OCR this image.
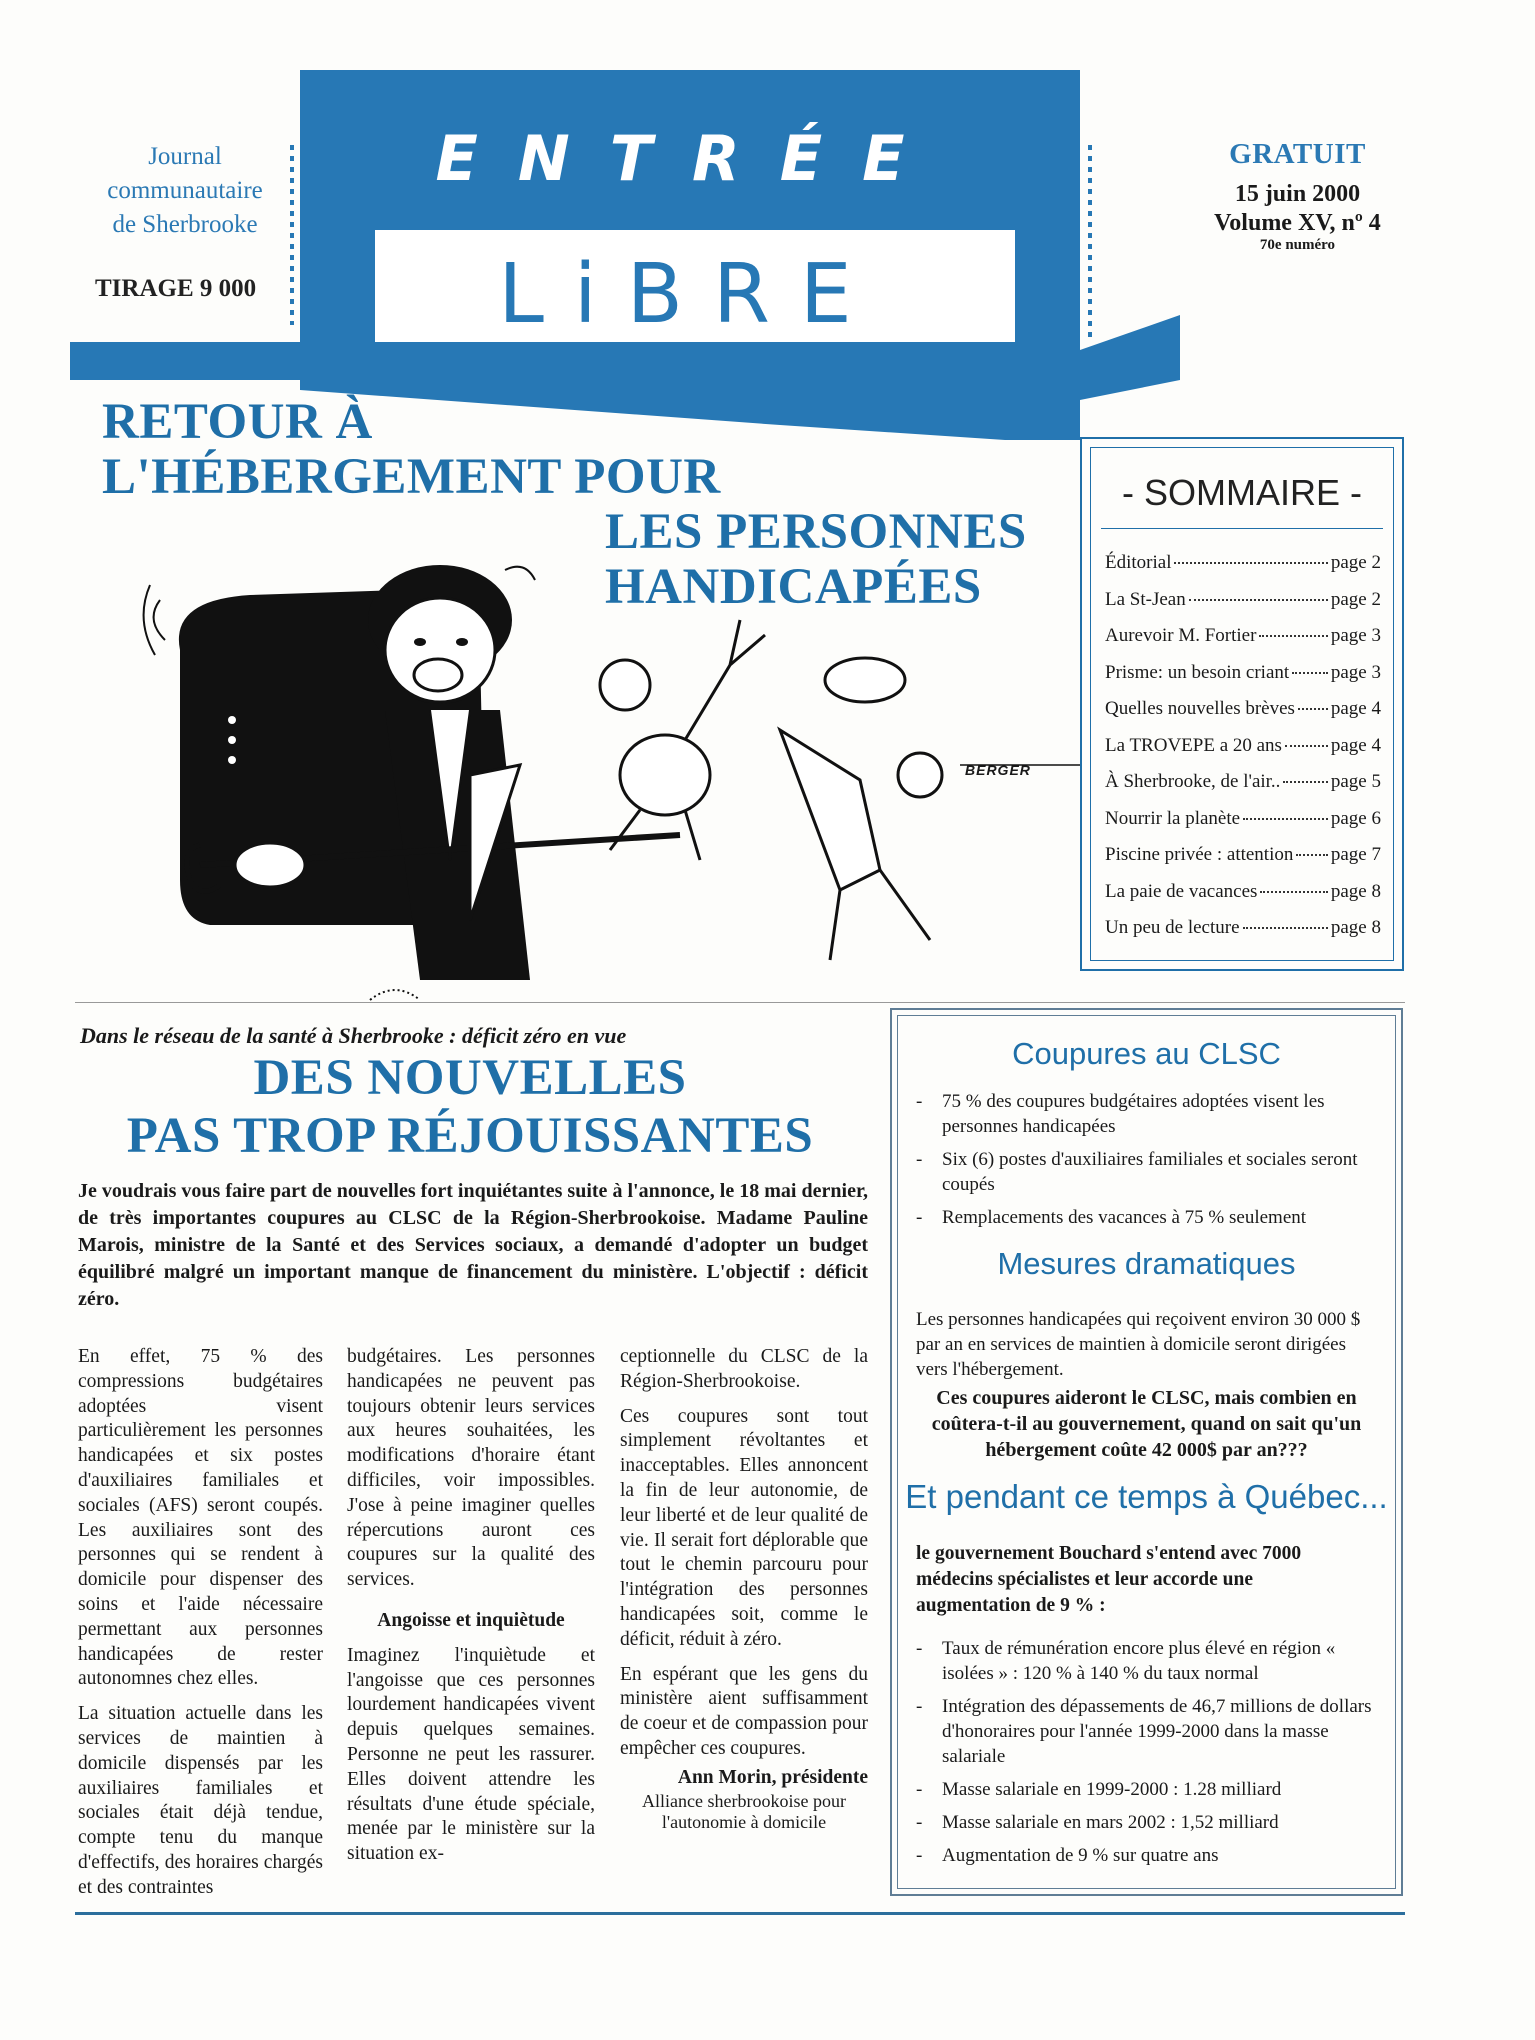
Journal
communautaire
de Sherbrooke
TIRAGE 9 000
ENTRÉE
LiBRE
GRATUIT
15 juin 2000
Volume XV, nº 4
70e numéro
RETOUR À
L'HÉBERGEMENT POUR
LES PERSONNES
HANDICAPÉES
BERGER
- SOMMAIRE -
Éditorial	page 2
La St-Jean	page 2
Aurevoir M. Fortier	page 3
Prisme: un besoin criant page 3
Quelles nouvelles brèves page 4
La TROVEPE a 20 ans	page 4
À Sherbrooke, de l'air..	page 5
Nourrir la planète	page 6
Piscine privée : attention page 7
La paie de vacances	page 8
Un peu de lecture	page 8
Dans le réseau de la santé à Sherbrooke : déficit zéro en vue
DES NOUVELLES
PAS TROP RÉJOUISSANTES
Je voudrais vous faire part de nouvelles fort inquiétantes suite à l'annonce, le 18 mai dernier, de très importantes coupures au CLSC de la Région-Sherbrookoise. Madame Pauline Marois, ministre de la Santé et des Services sociaux, a demandé d'adopter un budget équilibré malgré un important manque de financement du ministère. L'objectif : déficit zéro.

En effet, 75 % des compressions budgétaires adoptées visent particulièrement les personnes handicapées et six postes d'auxiliaires familiales et sociales (AFS) seront coupés. Les auxiliaires sont des personnes qui se rendent à domicile pour dispenser des soins et l'aide nécessaire permettant aux personnes handicapées de rester autonomnes chez elles.

La situation actuelle dans les services de maintien à domicile dispensés par les auxiliaires familiales et sociales était déjà tendue, compte tenu du manque d'effectifs, des horaires chargés et des contraintes

budgétaires. Les personnes handicapées ne peuvent pas toujours obtenir leurs services aux heures souhaitées, les modifications d'horaire étant difficiles, voir impossibles. J'ose à peine imaginer quelles répercutions auront ces coupures sur la qualité des services.

Angoisse et inquiètude

Imaginez l'inquiètude et l'angoisse que ces personnes lourdement handicapées vivent depuis quelques semaines. Personne ne peut les rassurer. Elles doivent attendre les résultats d'une étude spéciale, menée par le ministère sur la situation ex-

ceptionnelle du CLSC de la Région-Sherbrookoise.

Ces coupures sont tout simplement révoltantes et inacceptables. Elles annoncent la fin de leur autonomie, de leur liberté et de leur qualité de vie. Il serait fort déplorable que tout le chemin parcouru pour l'intégration des personnes handicapées soit, comme le déficit, réduit à zéro.

En espérant que les gens du ministère aient suffisamment de coeur et de compassion pour empêcher ces coupures.

Ann Morin, présidente
Alliance sherbrookoise pour l'autonomie à domicile
Coupures au CLSC
-	75 % des coupures budgétaires adoptées visent les personnes handicapées
-	Six (6) postes d'auxiliaires familiales et sociales seront coupés
-	Remplacements des vacances à 75 % seulement
Mesures dramatiques
Les personnes handicapées qui reçoivent environ 30 000 $ par an en services de maintien à domicile seront dirigées vers l'hébergement.
Ces coupures aideront le CLSC, mais combien en coûtera-t-il au gouvernement, quand on sait qu'un hébergement coûte 42 000$ par an???
Et pendant ce temps à Québec...
le gouvernement Bouchard s'entend avec 7000 médecins spécialistes et leur accorde une augmentation de 9 % :
-	Taux de rémunération encore plus élevé en région « isolées » : 120 % à 140 % du taux normal
-	Intégration des dépassements de 46,7 millions de dollars d'honoraires pour l'année 1999-2000 dans la masse salariale
-	Masse salariale en 1999-2000 : 1.28 milliard
-	Masse salariale en mars 2002 : 1,52 milliard
-	Augmentation de 9 % sur quatre ans
